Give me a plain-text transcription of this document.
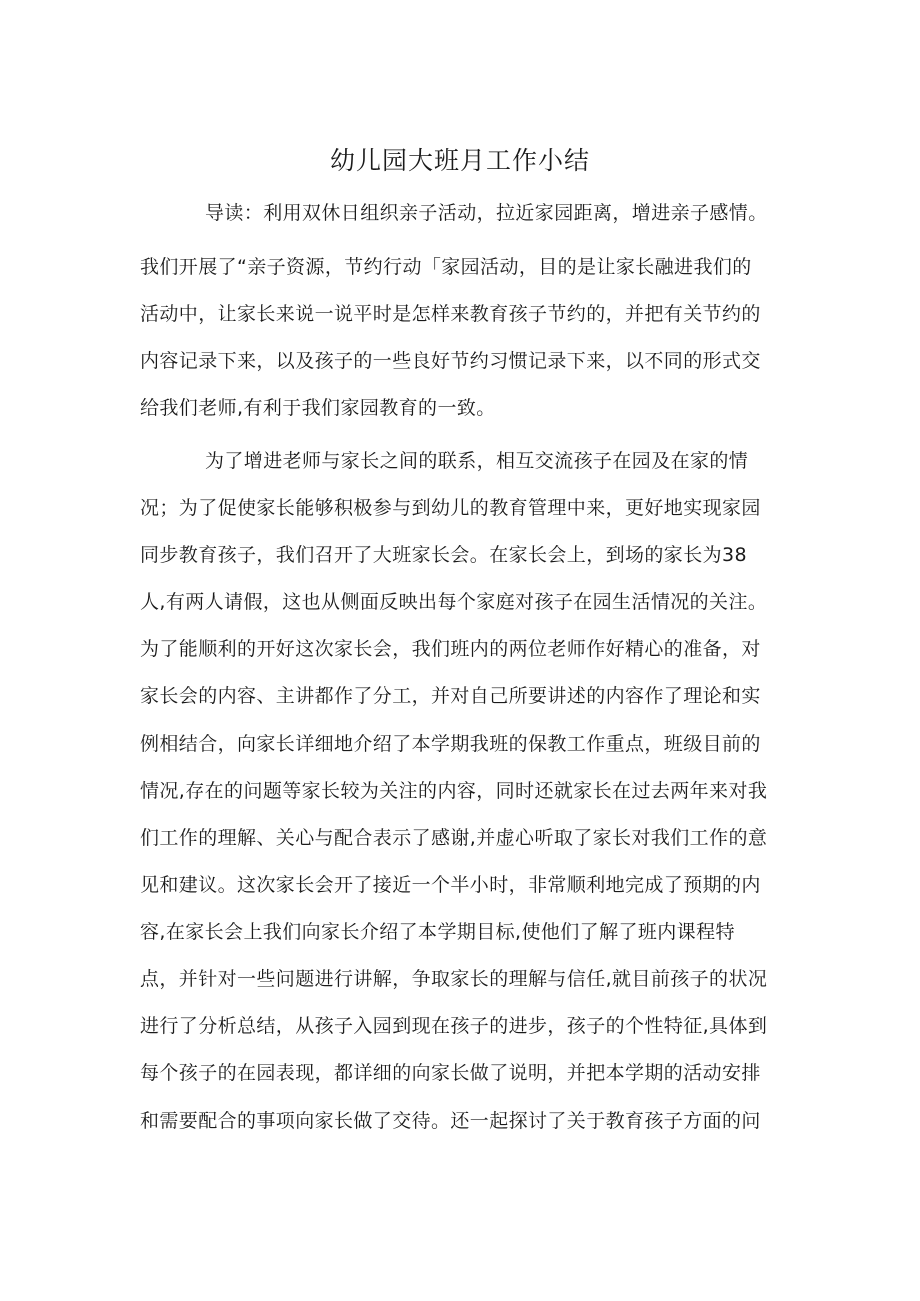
幼儿园大班月工作小结
导读：利用双休日组织亲子活动，拉近家园距离，增进亲子感情。
我们开展了“亲子资源，节约行动「家园活动，目的是让家长融进我们的
活动中，让家长来说一说平时是怎样来教育孩子节约的，并把有关节约的
内容记录下来，以及孩子的一些良好节约习惯记录下来，以不同的形式交
给我们老师,有利于我们家园教育的一致。
为了增进老师与家长之间的联系，相互交流孩子在园及在家的情
况；为了促使家长能够积极参与到幼儿的教育管理中来，更好地实现家园
同步教育孩子，我们召开了大班家长会。在家长会上，到场的家长为38
人,有两人请假，这也从侧面反映出每个家庭对孩子在园生活情况的关注。
为了能顺利的开好这次家长会，我们班内的两位老师作好精心的准备，对
家长会的内容、主讲都作了分工，并对自己所要讲述的内容作了理论和实
例相结合，向家长详细地介绍了本学期我班的保教工作重点，班级目前的
情况,存在的问题等家长较为关注的内容，同时还就家长在过去两年来对我
们工作的理解、关心与配合表示了感谢,并虚心听取了家长对我们工作的意
见和建议。这次家长会开了接近一个半小时，非常顺利地完成了预期的内
容,在家长会上我们向家长介绍了本学期目标,使他们了解了班内课程特
点，并针对一些问题进行讲解，争取家长的理解与信任,就目前孩子的状况
进行了分析总结，从孩子入园到现在孩子的进步，孩子的个性特征,具体到
每个孩子的在园表现，都详细的向家长做了说明，并把本学期的活动安排
和需要配合的事项向家长做了交待。还一起探讨了关于教育孩子方面的问
